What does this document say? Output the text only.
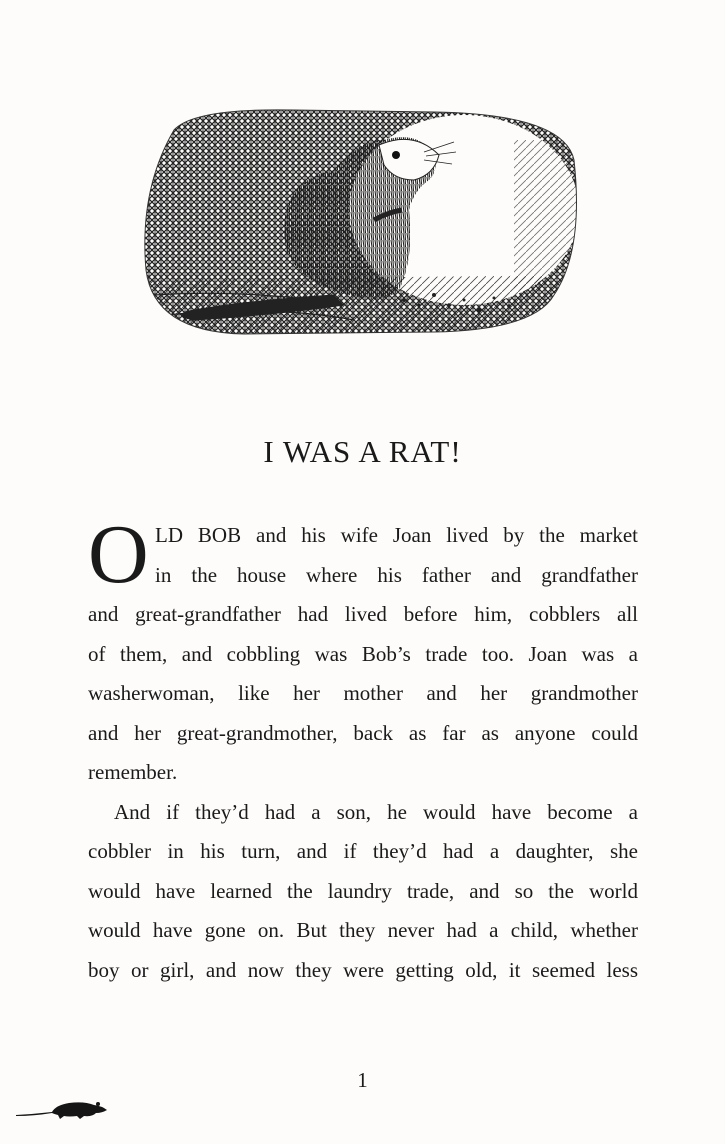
I WAS A RAT!
O LD BOB and his wife Joan lived by the market
in the house where his father and grandfather
and great-grandfather had lived before him, cobblers all
of them, and cobbling was Bob’s trade too. Joan was a
washerwoman, like her mother and her grandmother
and her great-grandmother, back as far as anyone could
remember.
And if they’d had a son, he would have become a
cobbler in his turn, and if they’d had a daughter, she
would have learned the laundry trade, and so the world
would have gone on. But they never had a child, whether
boy or girl, and now they were getting old, it seemed less
1
